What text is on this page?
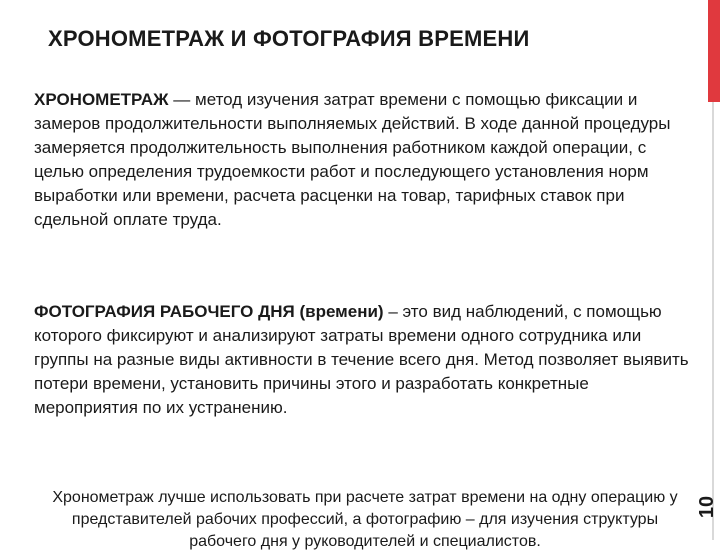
ХРОНОМЕТРАЖ И ФОТОГРАФИЯ ВРЕМЕНИ

ХРОНОМЕТРАЖ — метод изучения затрат времени с помощью фиксации и замеров продолжительности выполняемых действий. В ходе данной процедуры замеряется продолжительность выполнения работником каждой операции, с целью определения трудоемкости работ и последующего установления норм выработки или времени, расчета расценки на товар, тарифных ставок при сдельной оплате труда.

ФОТОГРАФИЯ РАБОЧЕГО ДНЯ (времени) – это вид наблюдений, с помощью которого фиксируют и анализируют затраты времени одного сотрудника или группы на разные виды активности в течение всего дня. Метод позволяет выявить потери времени, установить причины этого и разработать конкретные мероприятия по их устранению.

Хронометраж лучше использовать при расчете затрат времени на одну операцию у представителей рабочих профессий, а фотографию – для изучения структуры рабочего дня у руководителей и специалистов.

10
